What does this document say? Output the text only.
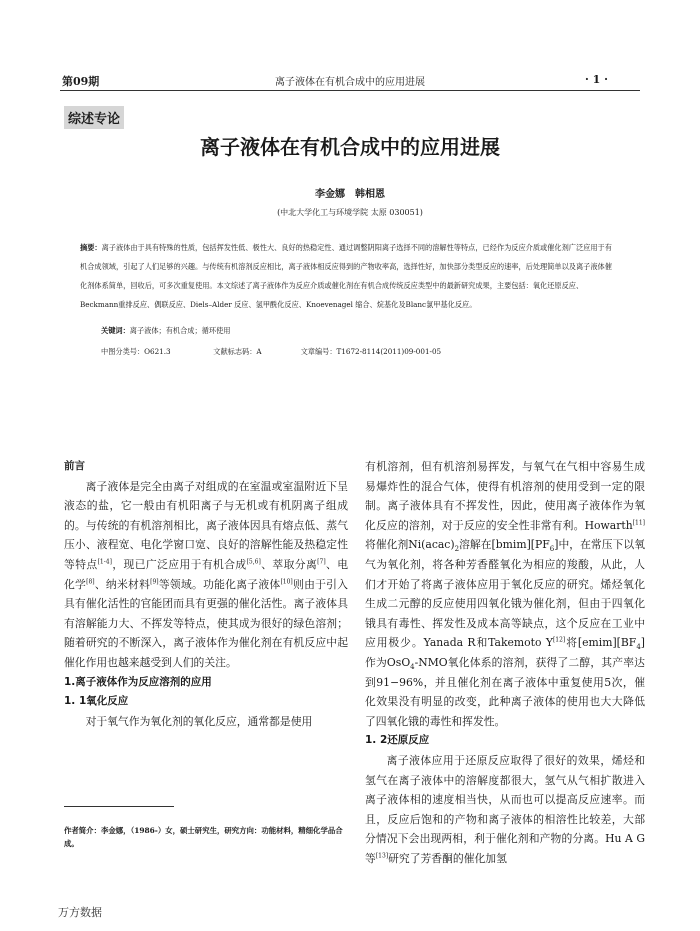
第09期	离子液体在有机合成中的应用进展	· 1 ·
综述专论
离子液体在有机合成中的应用进展
李金娜　韩相恩
(中北大学化工与环境学院 太原 030051)
摘要：离子液体由于具有特殊的性质，包括挥发性低、极性大、良好的热稳定性、通过调整阴阳离子选择不同的溶解性等特点，已经作为反应介质或催化剂广泛应用于有机合成领域，引起了人们足够的兴趣。与传统有机溶剂反应相比，离子液体相反应得到的产物收率高，选择性好，加快部分类型反应的速率，后处理简单以及离子液体催化剂体系简单，回收后，可多次重复使用。本文综述了离子液体作为反应介质或催化剂在有机合成传统反应类型中的最新研究成果，主要包括：氧化还原反应、Beckmann重排反应、偶联反应、Diels–Alder 反应、氢甲酰化反应、Knoevenagel 缩合、烷基化及Blanc氯甲基化反应。
关键词：离子液体；有机合成；循环使用
中图分类号：O621.3	文献标志码：A	文章编号：T1672-8114(2011)09-001-05

前言

离子液体是完全由离子对组成的在室温或室温附近下呈液态的盐，它一般由有机阳离子与无机或有机阴离子组成的。与传统的有机溶剂相比，离子液体因具有熔点低、蒸气压小、液程宽、电化学窗口宽、良好的溶解性能及热稳定性等特点[1-4]，现已广泛应用于有机合成[5,6]、萃取分离[7]、电化学[8]、纳米材料[9]等领域。功能化离子液体[10]则由于引入具有催化活性的官能团而具有更强的催化活性。离子液体具有溶解能力大、不挥发等特点，使其成为很好的绿色溶剂；随着研究的不断深入，离子液体作为催化剂在有机反应中起催化作用也越来越受到人们的关注。

1.离子液体作为反应溶剂的应用

1. 1氧化反应

对于氧气作为氧化剂的氧化反应，通常都是使用

有机溶剂，但有机溶剂易挥发，与氧气在气相中容易生成易爆炸性的混合气体，使得有机溶剂的使用受到一定的限制。离子液体具有不挥发性，因此，使用离子液体作为氧化反应的溶剂，对于反应的安全性非常有利。Howarth[11]将催化剂$Ni(acac)_2$溶解在$[bmim][PF_6]$中，在常压下以氧气为氧化剂，将各种芳香醛氧化为相应的羧酸，从此，人们才开始了将离子液体应用于氧化反应的研究。烯烃氧化生成二元醇的反应使用四氧化锇为催化剂，但由于四氧化锇具有毒性、挥发性及成本高等缺点，这个反应在工业中应用极少。Yanada R和Takemoto Y[12]将$[emim][BF_4]$作为OsO$_4$-NMO氧化体系的溶剂，获得了二醇，其产率达到91−96%，并且催化剂在离子液体中重复使用5次，催化效果没有明显的改变，此种离子液体的使用也大大降低了四氧化锇的毒性和挥发性。

1. 2还原反应

离子液体应用于还原反应取得了很好的效果，烯烃和氢气在离子液体中的溶解度都很大，氢气从气相扩散进入离子液体相的速度相当快，从而也可以提高反应速率。而且，反应后饱和的产物和离子液体的相溶性比较差，大部分情况下会出现两相，利于催化剂和产物的分离。Hu A G等[13]研究了芳香酮的催化加氢

作者简介：李金娜，（1986-）女，硕士研究生，研究方向：功能材料，精细化学品合成。
万方数据
